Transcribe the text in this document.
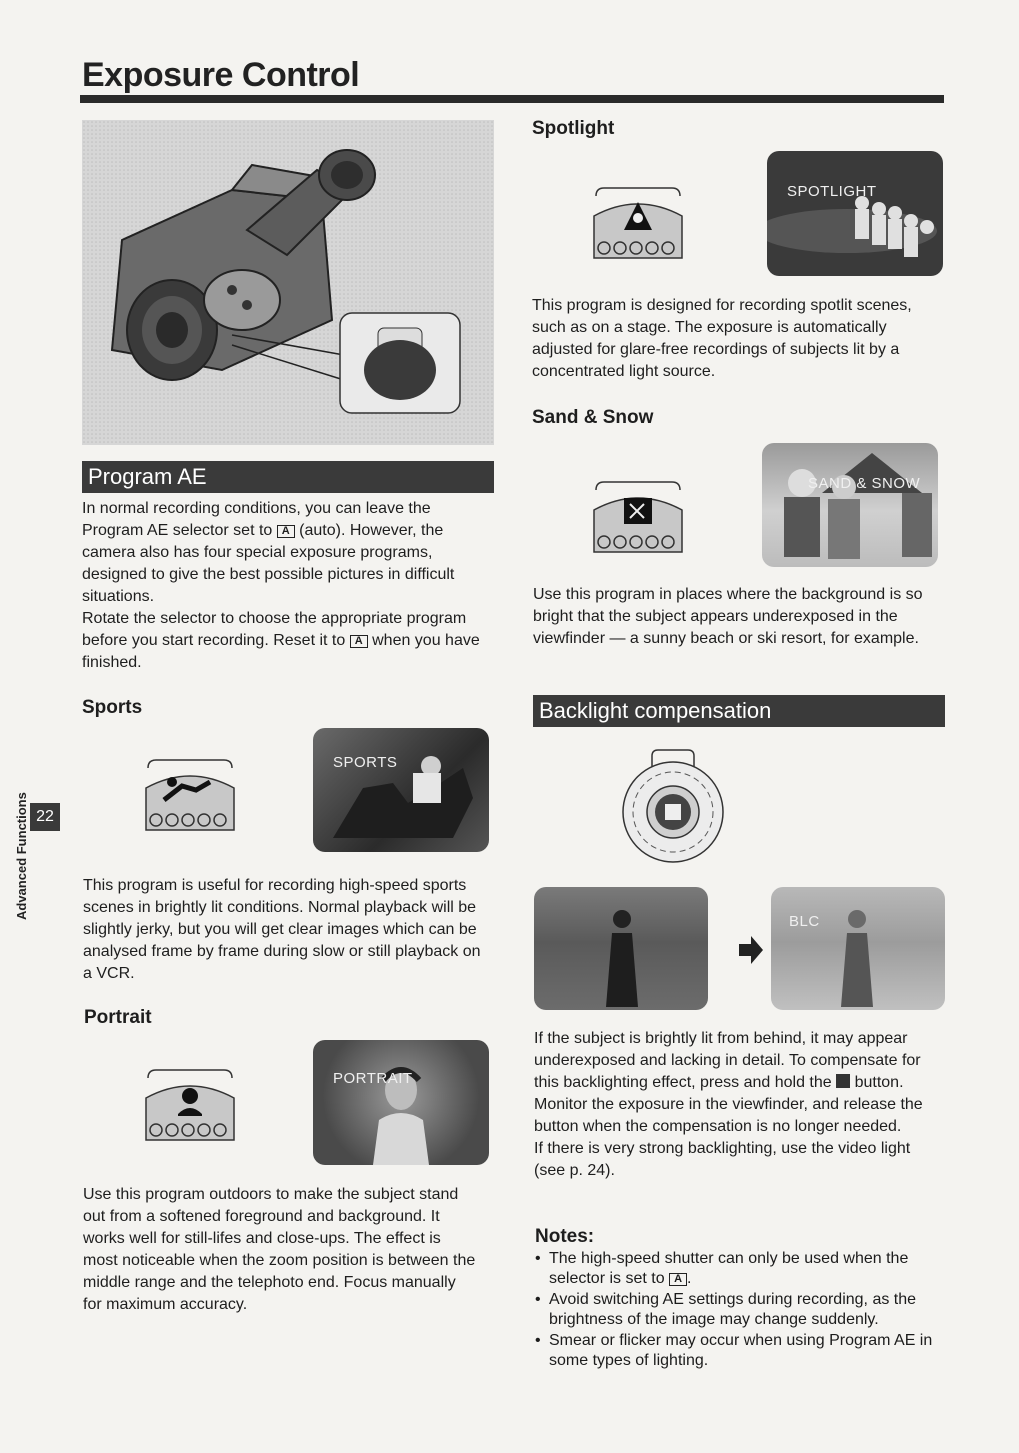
Exposure Control
22
Advanced Functions
Program AE

In normal recording conditions, you can leave the Program AE selector set to A (auto). However, the camera also has four special exposure programs, designed to give the best possible pictures in difficult situations.

Rotate the selector to choose the appropriate program before you start recording. Reset it to A when you have finished.

Sports
SPORTS
This program is useful for recording high-speed sports scenes in brightly lit conditions. Normal playback will be slightly jerky, but you will get clear images which can be analysed frame by frame during slow or still playback on a VCR.
Portrait
PORTRAIT
Use this program outdoors to make the subject stand out from a softened foreground and background. It works well for still-lifes and close-ups. The effect is most noticeable when the zoom position is between the middle range and the telephoto end. Focus manually for maximum accuracy.
Spotlight
SPOTLIGHT
This program is designed for recording spotlit scenes, such as on a stage. The exposure is automatically adjusted for glare-free recordings of subjects lit by a concentrated light source.
Sand & Snow
SAND & SNOW
Use this program in places where the background is so bright that the subject appears underexposed in the viewfinder — a sunny beach or ski resort, for example.
Backlight compensation
BLC

If the subject is brightly lit from behind, it may appear underexposed and lacking in detail. To compensate for this backlighting effect, press and hold the button. Monitor the exposure in the viewfinder, and release the button when the compensation is no longer needed.

If there is very strong backlighting, use the video light (see p. 24).

Notes:
• The high-speed shutter can only be used when the selector is set to A .
• Avoid switching AE settings during recording, as the brightness of the image may change suddenly.
• Smear or flicker may occur when using Program AE in some types of lighting.
